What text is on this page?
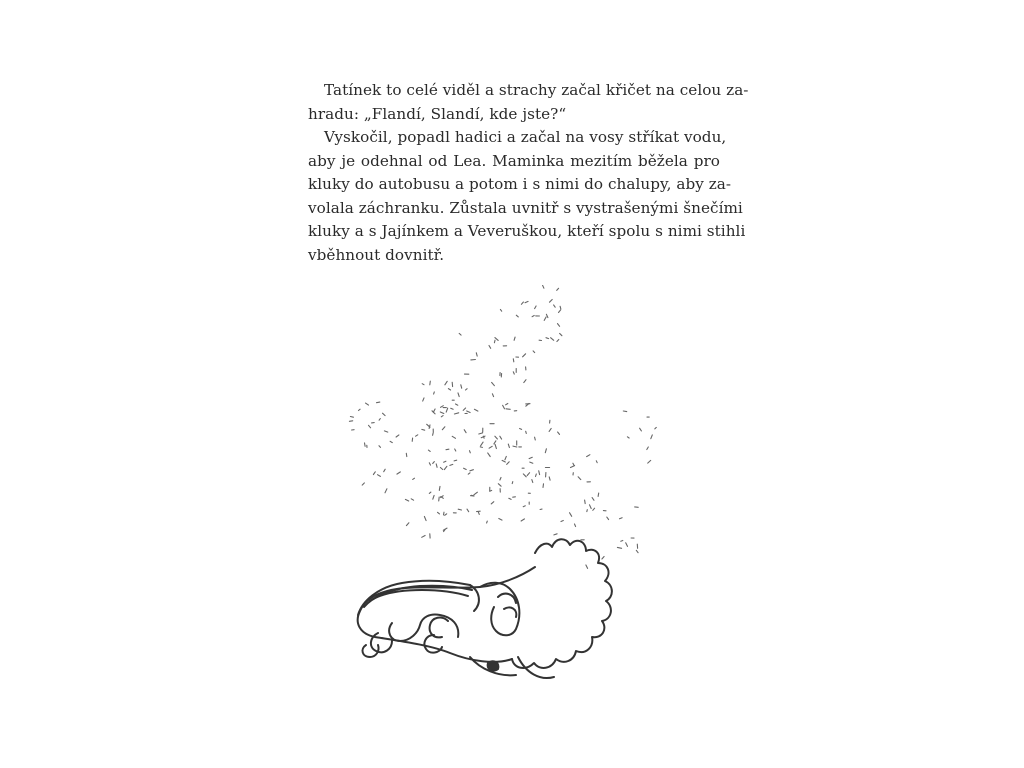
Tatínek to celé viděl a strachy začal křičet na celou za-
hradu: „Flandí, Slandí, kde jste?“
Vyskočil, popadl hadici a začal na vosy stříkat vodu,
aby je odehnal od Lea. Maminka mezitím běžela pro
kluky do autobusu a potom i s nimi do chalupy, aby za-
volala záchranku. Zůstala uvnitř s vystrašenými šnečími
kluky a s Jajínkem a Veveruškou, kteří spolu s nimi stihli
vběhnout dovnitř.
